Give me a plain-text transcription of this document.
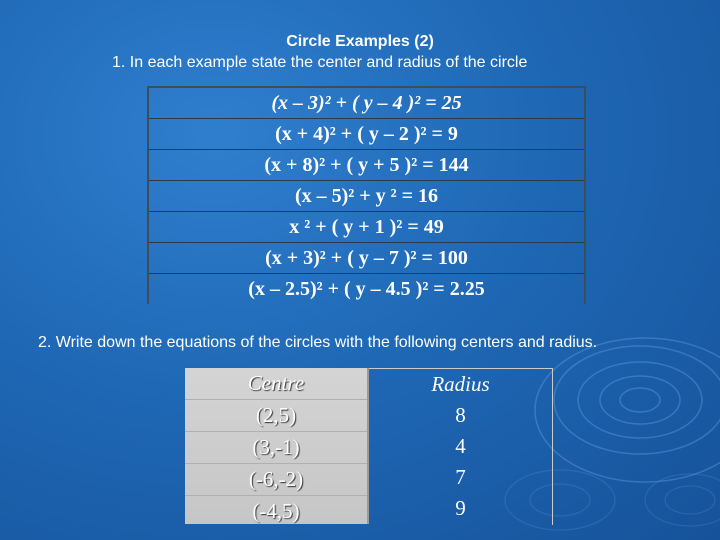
Circle Examples (2)
1. In each example state the center and radius of the circle
(x – 3)² + ( y – 4 )² = 25
(x + 4)² + ( y – 2 )² = 9
(x + 8)² + ( y + 5 )² = 144
(x – 5)² + y ² = 16
x ² + ( y + 1 )² = 49
(x + 3)² + ( y – 7 )² = 100
(x – 2.5)² + ( y – 4.5 )² = 2.25
2. Write down the equations of the circles with the following centers and radius.
Centre
(2,5)
(3,-1)
(-6,-2)
(-4,5)
Radius
8
4
7
9
